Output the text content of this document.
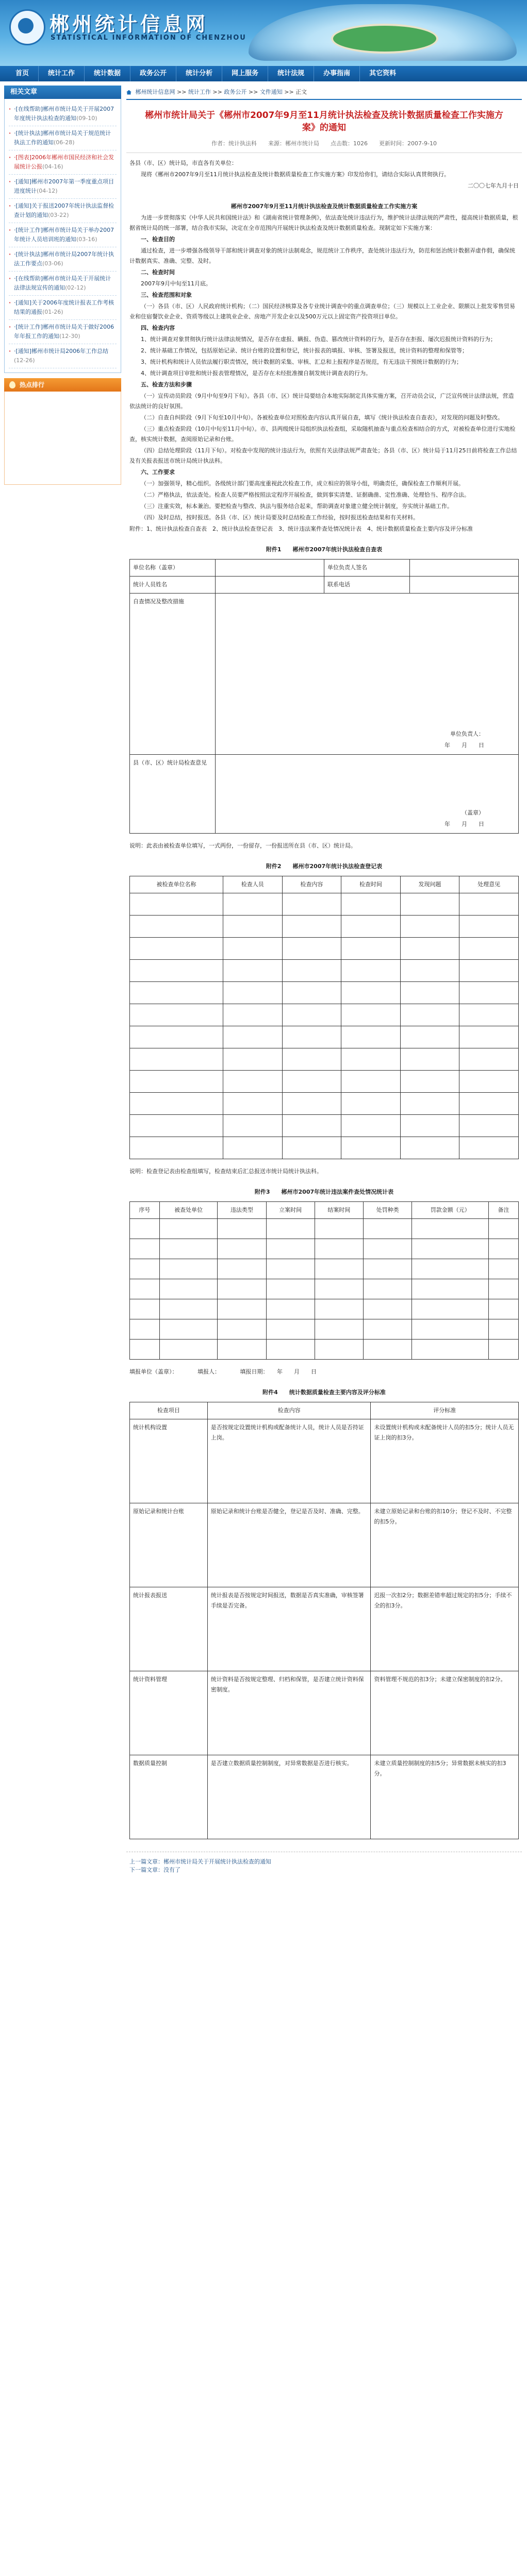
郴州统计信息网
STATISTICAL INFORMATION OF CHENZHOU
首页	统计工作	统计数据	政务公开	统计分析	网上服务	统计法规	办事指南	其它资料
相关文章
· ·[在线帮助]郴州市统计局关于开展2007年度统计执法检查的通知(09-10)
· ·[统计执法]郴州市统计局关于规范统计执法工作的通知(06-28)
· ·[图表]2006年郴州市国民经济和社会发展统计公报(04-16)
· ·[通知]郴州市2007年第一季度重点项目进度统计(04-12)
· ·[通知]关于报送2007年统计执法监督检查计划的通知(03-22)
· ·[统计工作]郴州市统计局关于举办2007年统计人员培训班的通知(03-16)
· ·[统计执法]郴州市统计局2007年统计执法工作要点(03-06)
· ·[在线帮助]郴州市统计局关于开展统计法律法规宣传的通知(02-12)
· ·[通知]关于2006年度统计报表工作考核结果的通报(01-26)
· ·[统计工作]郴州市统计局关于做好2006年年报工作的通知(12-30)
· ·[通知]郴州市统计局2006年工作总结(12-26)
热点排行
郴州统计信息网 >> 统计工作 >> 政务公开 >> 文件通知 >> 正文
郴州市统计局关于《郴州市2007年9月至11月统计执法检查及统计数据质量检查工作实施方案》的通知
作者：统计执法科　　来源：郴州市统计局　　点击数：1026　　更新时间：2007-9-10

各县（市、区）统计局，市直各有关单位：

现将《郴州市2007年9月至11月统计执法检查及统计数据质量检查工作实施方案》印发给你们，请结合实际认真贯彻执行。

二〇〇七年九月十日

郴州市2007年9月至11月统计执法检查及统计数据质量检查工作实施方案

为进一步贯彻落实《中华人民共和国统计法》和《湖南省统计管理条例》，依法查处统计违法行为，维护统计法律法规的严肃性，提高统计数据质量，根据省统计局的统一部署，结合我市实际，决定在全市范围内开展统计执法检查及统计数据质量检查。现制定如下实施方案：

一、检查目的

通过检查，进一步增强各级领导干部和统计调查对象的统计法制观念，规范统计工作秩序，查处统计违法行为，防范和惩治统计数据弄虚作假，确保统计数据真实、准确、完整、及时。

二、检查时间

2007年9月中旬至11月底。

三、检查范围和对象

（一）各县（市、区）人民政府统计机构；（二）国民经济核算及各专业统计调查中的重点调查单位；（三）规模以上工业企业、限额以上批发零售贸易业和住宿餐饮业企业、资质等级以上建筑业企业、房地产开发企业以及500万元以上固定资产投资项目单位。

四、检查内容

1、统计调查对象贯彻执行统计法律法规情况，是否存在虚报、瞒报、伪造、篡改统计资料的行为，是否存在拒报、屡次迟报统计资料的行为；

2、统计基础工作情况，包括原始记录、统计台账的设置和登记，统计报表的填报、审核、签署及报送，统计资料的整理和保管等；

3、统计机构和统计人员依法履行职责情况，统计数据的采集、审核、汇总和上报程序是否规范，有无违法干预统计数据的行为；

4、统计调查项目审批和统计报表管理情况，是否存在未经批准擅自制发统计调查表的行为。

五、检查方法和步骤

（一）宣传动员阶段（9月中旬至9月下旬）。各县（市、区）统计局要结合本地实际制定具体实施方案，召开动员会议，广泛宣传统计法律法规，营造依法统计的良好氛围。

（二）自查自纠阶段（9月下旬至10月中旬）。各被检查单位对照检查内容认真开展自查，填写《统计执法检查自查表》，对发现的问题及时整改。

（三）重点检查阶段（10月中旬至11月中旬）。市、县两级统计局组织执法检查组，采取随机抽查与重点检查相结合的方式，对被检查单位进行实地检查，核实统计数据，查阅原始记录和台账。

（四）总结处理阶段（11月下旬）。对检查中发现的统计违法行为，依照有关法律法规严肃查处；各县（市、区）统计局于11月25日前将检查工作总结及有关报表报送市统计局统计执法科。

六、工作要求

（一）加强领导，精心组织。各级统计部门要高度重视此次检查工作，成立相应的领导小组，明确责任，确保检查工作顺利开展。

（二）严格执法，依法查处。检查人员要严格按照法定程序开展检查，做到事实清楚、证据确凿、定性准确、处理恰当、程序合法。

（三）注重实效，标本兼治。要把检查与整改、执法与服务结合起来，帮助调查对象建立健全统计制度，夯实统计基础工作。

（四）及时总结，按时报送。各县（市、区）统计局要及时总结检查工作经验，按时报送检查结果和有关材料。

附件：1、统计执法检查自查表　2、统计执法检查登记表　3、统计违法案件查处情况统计表　4、统计数据质量检查主要内容及评分标准

附件1　　郴州市2007年统计执法检查自查表

单位名称（盖章）		单位负责人签名	
统计人员姓名		联系电话	
自查情况及整改措施	单位负责人：
年　　月　　日		

县（市、区）统计局检查意见	（盖章）
年　　月　　日		

说明：此表由被检查单位填写，一式两份，一份留存，一份报送所在县（市、区）统计局。

附件2　　郴州市2007年统计执法检查登记表

被检查单位名称	检查人员	检查内容	检查时间	发现问题	处理意见

说明：检查登记表由检查组填写，检查结束后汇总报送市统计局统计执法科。

附件3　　郴州市2007年统计违法案件查处情况统计表

序号	被查处单位	违法类型	立案时间	结案时间	处罚种类	罚款金额（元）	备注

填报单位（盖章）：　　　　填报人：　　　　填报日期：　　年　　月　　日

附件4　　统计数据质量检查主要内容及评分标准

检查项目	检查内容	评分标准
统计机构设置	是否按规定设置统计机构或配备统计人员，统计人员是否持证上岗。	未设置统计机构或未配备统计人员的扣5分；统计人员无证上岗的扣3分。
原始记录和统计台账	原始记录和统计台账是否健全，登记是否及时、准确、完整。	未建立原始记录和台账的扣10分；登记不及时、不完整的扣5分。
统计报表报送	统计报表是否按规定时间报送，数据是否真实准确，审核签署手续是否完备。	迟报一次扣2分；数据差错率超过规定的扣5分；手续不全的扣3分。
统计资料管理	统计资料是否按规定整理、归档和保管，是否建立统计资料保密制度。	资料管理不规范的扣3分；未建立保密制度的扣2分。
数据质量控制	是否建立数据质量控制制度，对异常数据是否进行核实。	未建立质量控制制度的扣5分；异常数据未核实的扣3分。
上一篇文章：郴州市统计局关于开展统计执法检查的通知
下一篇文章：没有了
